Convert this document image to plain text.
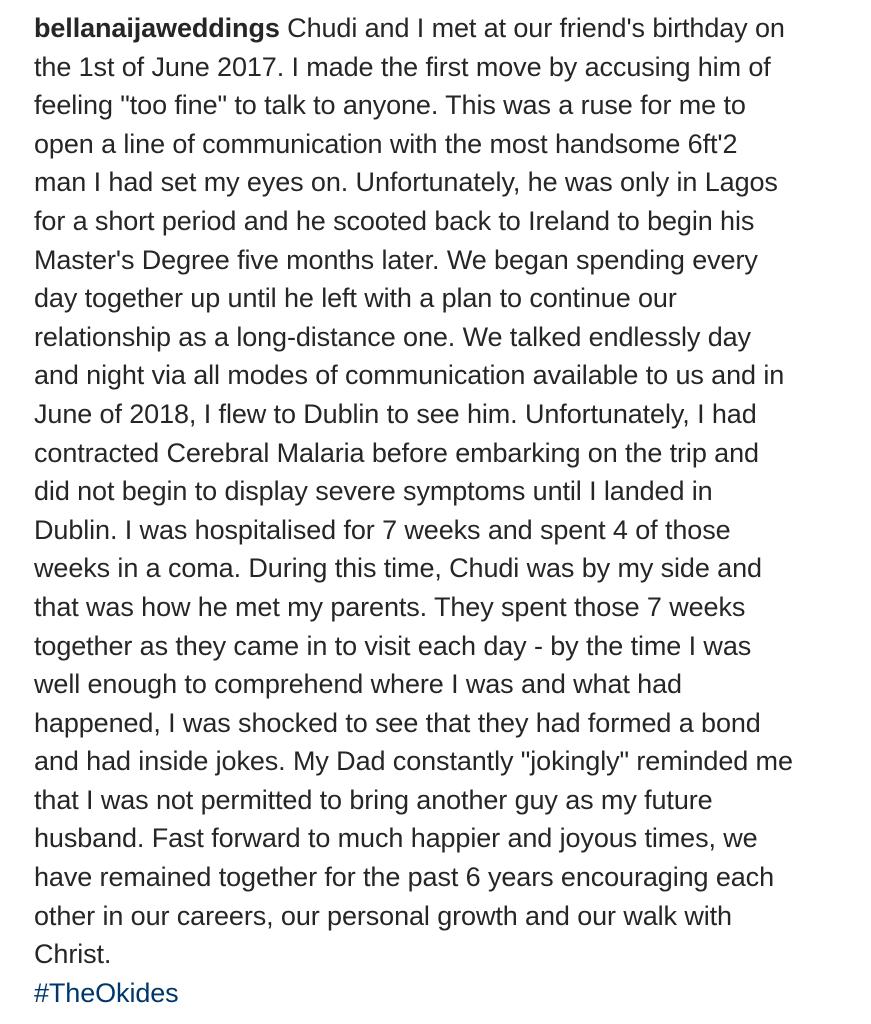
bellanaijaweddings Chudi and I met at our friend's birthday on
the 1st of June 2017. I made the first move by accusing him of
feeling "too fine" to talk to anyone. This was a ruse for me to
open a line of communication with the most handsome 6ft'2
man I had set my eyes on. Unfortunately, he was only in Lagos
for a short period and he scooted back to Ireland to begin his
Master's Degree five months later. We began spending every
day together up until he left with a plan to continue our
relationship as a long-distance one. We talked endlessly day
and night via all modes of communication available to us and in
June of 2018, I flew to Dublin to see him. Unfortunately, I had
contracted Cerebral Malaria before embarking on the trip and
did not begin to display severe symptoms until I landed in
Dublin. I was hospitalised for 7 weeks and spent 4 of those
weeks in a coma. During this time, Chudi was by my side and
that was how he met my parents. They spent those 7 weeks
together as they came in to visit each day - by the time I was
well enough to comprehend where I was and what had
happened, I was shocked to see that they had formed a bond
and had inside jokes. My Dad constantly "jokingly" reminded me
that I was not permitted to bring another guy as my future
husband. Fast forward to much happier and joyous times, we
have remained together for the past 6 years encouraging each
other in our careers, our personal growth and our walk with
Christ.
#TheOkides
